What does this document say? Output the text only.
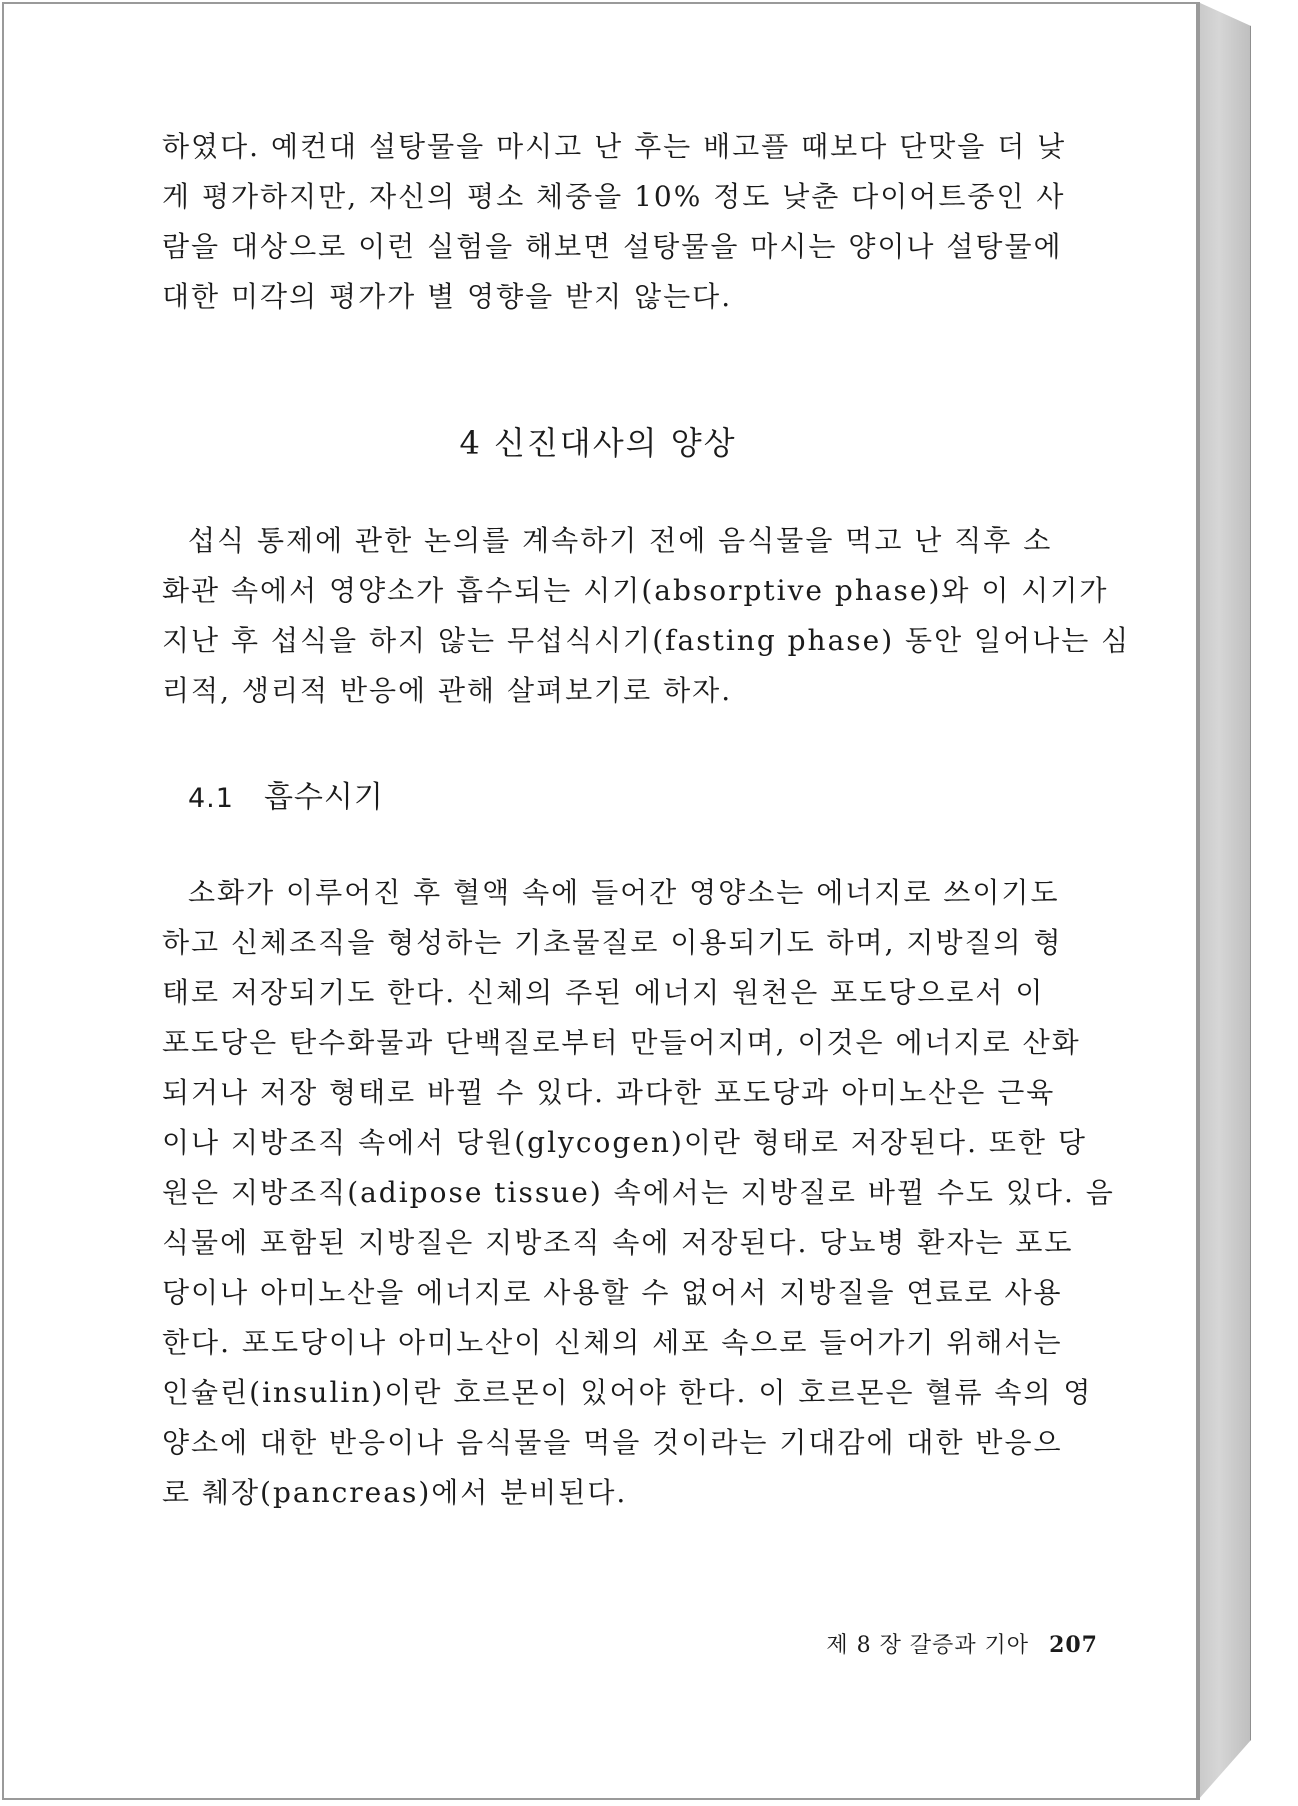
하였다. 예컨대 설탕물을 마시고 난 후는 배고플 때보다 단맛을 더 낮
게 평가하지만, 자신의 평소 체중을 10% 정도 낮춘 다이어트중인 사
람을 대상으로 이런 실험을 해보면 설탕물을 마시는 양이나 설탕물에
대한 미각의 평가가 별 영향을 받지 않는다.
4 신진대사의 양상
섭식 통제에 관한 논의를 계속하기 전에 음식물을 먹고 난 직후 소
화관 속에서 영양소가 흡수되는 시기(absorptive phase)와 이 시기가
지난 후 섭식을 하지 않는 무섭식시기(fasting phase) 동안 일어나는 심
리적, 생리적 반응에 관해 살펴보기로 하자.
4.1 흡수시기
소화가 이루어진 후 혈액 속에 들어간 영양소는 에너지로 쓰이기도
하고 신체조직을 형성하는 기초물질로 이용되기도 하며, 지방질의 형
태로 저장되기도 한다. 신체의 주된 에너지 원천은 포도당으로서 이
포도당은 탄수화물과 단백질로부터 만들어지며, 이것은 에너지로 산화
되거나 저장 형태로 바뀔 수 있다. 과다한 포도당과 아미노산은 근육
이나 지방조직 속에서 당원(glycogen)이란 형태로 저장된다. 또한 당
원은 지방조직(adipose tissue) 속에서는 지방질로 바뀔 수도 있다. 음
식물에 포함된 지방질은 지방조직 속에 저장된다. 당뇨병 환자는 포도
당이나 아미노산을 에너지로 사용할 수 없어서 지방질을 연료로 사용
한다. 포도당이나 아미노산이 신체의 세포 속으로 들어가기 위해서는
인슐린(insulin)이란 호르몬이 있어야 한다. 이 호르몬은 혈류 속의 영
양소에 대한 반응이나 음식물을 먹을 것이라는 기대감에 대한 반응으
로 췌장(pancreas)에서 분비된다.
제 8 장 갈증과 기아 207
